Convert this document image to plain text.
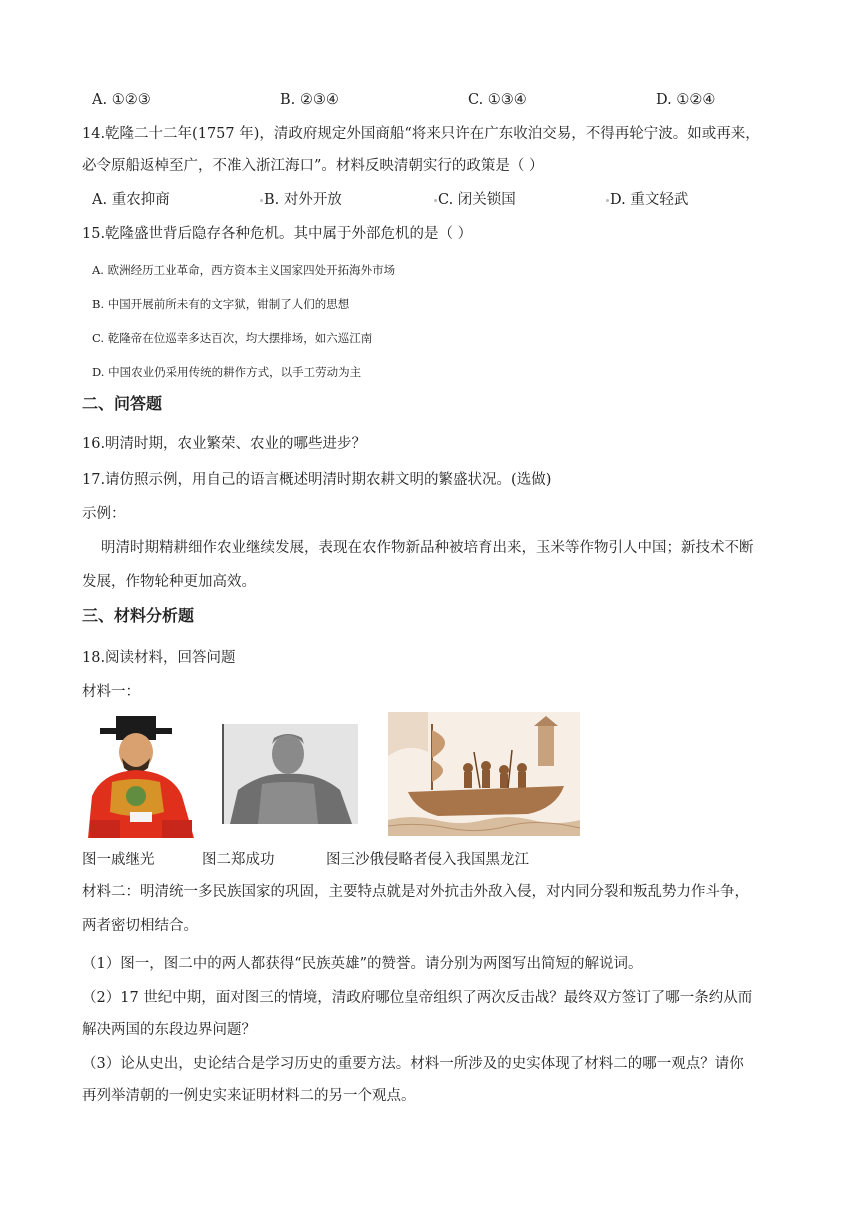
A. ①②③	B. ②③④	C. ①③④	D. ①②④
14.乾隆二十二年(1757 年)，清政府规定外国商船“将来只许在广东收泊交易，不得再轮宁波。如或再来，
必令原船返棹至广，不准入浙江海口”。材料反映清朝实行的政策是（ ）
A. 重农抑商	B. 对外开放	C. 闭关锁国	D. 重文轻武
15.乾隆盛世背后隐存各种危机。其中属于外部危机的是（ ）
A. 欧洲经历工业革命，西方资本主义国家四处开拓海外市场
B. 中国开展前所未有的文字狱，钳制了人们的思想
C. 乾隆帝在位巡幸多达百次，均大摆排场，如六巡江南
D. 中国农业仍采用传统的耕作方式，以手工劳动为主
二、问答题
16.明清时期，农业繁荣、农业的哪些进步？
17.请仿照示例，用自己的语言概述明清时期农耕文明的繁盛状况。(选做)
示例：
明清时期精耕细作农业继续发展，表现在农作物新品种被培育出来，玉米等作物引人中国；新技术不断
发展，作物轮种更加高效。
三、材料分析题
18.阅读材料，回答问题
材料一：
图一戚继光	图二郑成功	图三沙俄侵略者侵入我国黑龙江
材料二：明清统一多民族国家的巩固，主要特点就是对外抗击外敌入侵，对内同分裂和叛乱势力作斗争，
两者密切相结合。
（1）图一，图二中的两人都获得“民族英雄”的赞誉。请分别为两图写出简短的解说词。
（2）17 世纪中期，面对图三的情境，清政府哪位皇帝组织了两次反击战？最终双方签订了哪一条约从而
解决两国的东段边界问题？
（3）论从史出，史论结合是学习历史的重要方法。材料一所涉及的史实体现了材料二的哪一观点？请你
再列举清朝的一例史实来证明材料二的另一个观点。
